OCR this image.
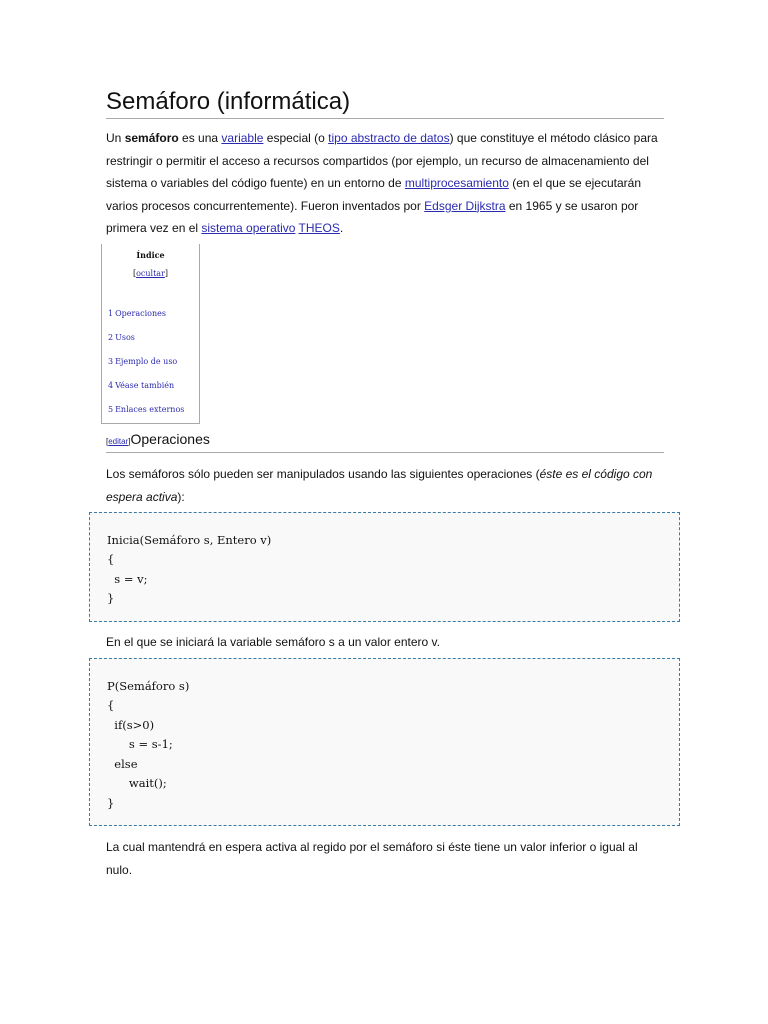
Semáforo (informática)

Un semáforo es una variable especial (o tipo abstracto de datos) que constituye el método clásico para restringir o permitir el acceso a recursos compartidos (por ejemplo, un recurso de almacenamiento del sistema o variables del código fuente) en un entorno de multiprocesamiento (en el que se ejecutarán varios procesos concurrentemente). Fueron inventados por Edsger Dijkstra en 1965 y se usaron por primera vez en el sistema operativo THEOS.

Índice
[ocultar]
1 Operaciones
2 Usos
3 Ejemplo de uso
4 Véase también
5 Enlaces externos
[editar]Operaciones

Los semáforos sólo pueden ser manipulados usando las siguientes operaciones (éste es el código con espera activa):

Inicia(Semáforo s, Entero v)
{
s = v;
}

En el que se iniciará la variable semáforo s a un valor entero v.

P(Semáforo s)
{
if(s>0)
s = s-1;
else
wait();
}

La cual mantendrá en espera activa al regido por el semáforo si éste tiene un valor inferior o igual al nulo.
